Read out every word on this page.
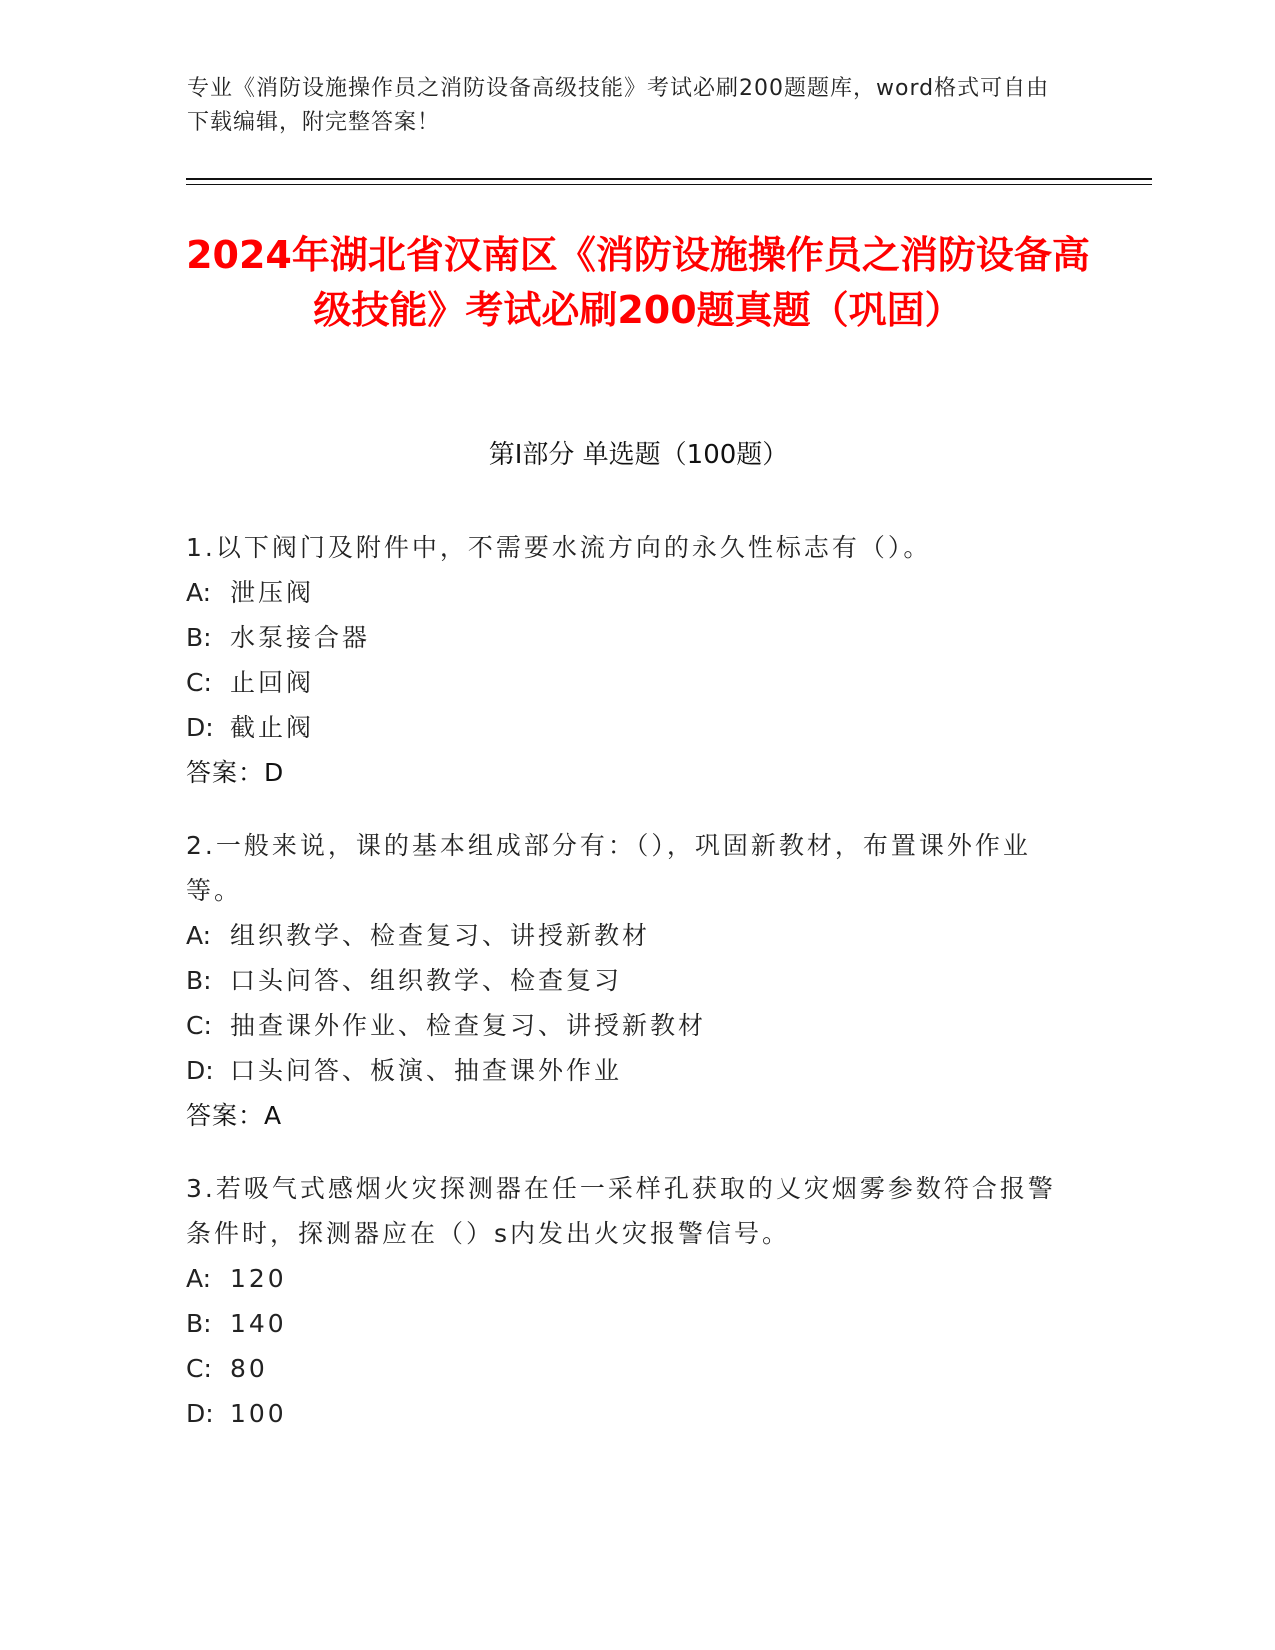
专业《消防设施操作员之消防设备高级技能》考试必刷200题题库，word格式可自由下载编辑，附完整答案！
2024年湖北省汉南区《消防设施操作员之消防设备高级技能》考试必刷200题真题（巩固）
第Ⅰ部分 单选题（100题）
1.以下阀门及附件中，不需要水流方向的永久性标志有（）。
A: 泄压阀
B: 水泵接合器
C: 止回阀
D: 截止阀
答案：D
2.一般来说，课的基本组成部分有：（），巩固新教材，布置课外作业等。
A: 组织教学、检查复习、讲授新教材
B: 口头问答、组织教学、检查复习
C: 抽查课外作业、检查复习、讲授新教材
D: 口头问答、板演、抽查课外作业
答案：A
3.若吸气式感烟火灾探测器在任一采样孔获取的乂灾烟雾参数符合报警条件时，探测器应在（）s内发出火灾报警信号。
A: 120
B: 140
C: 80
D: 100
